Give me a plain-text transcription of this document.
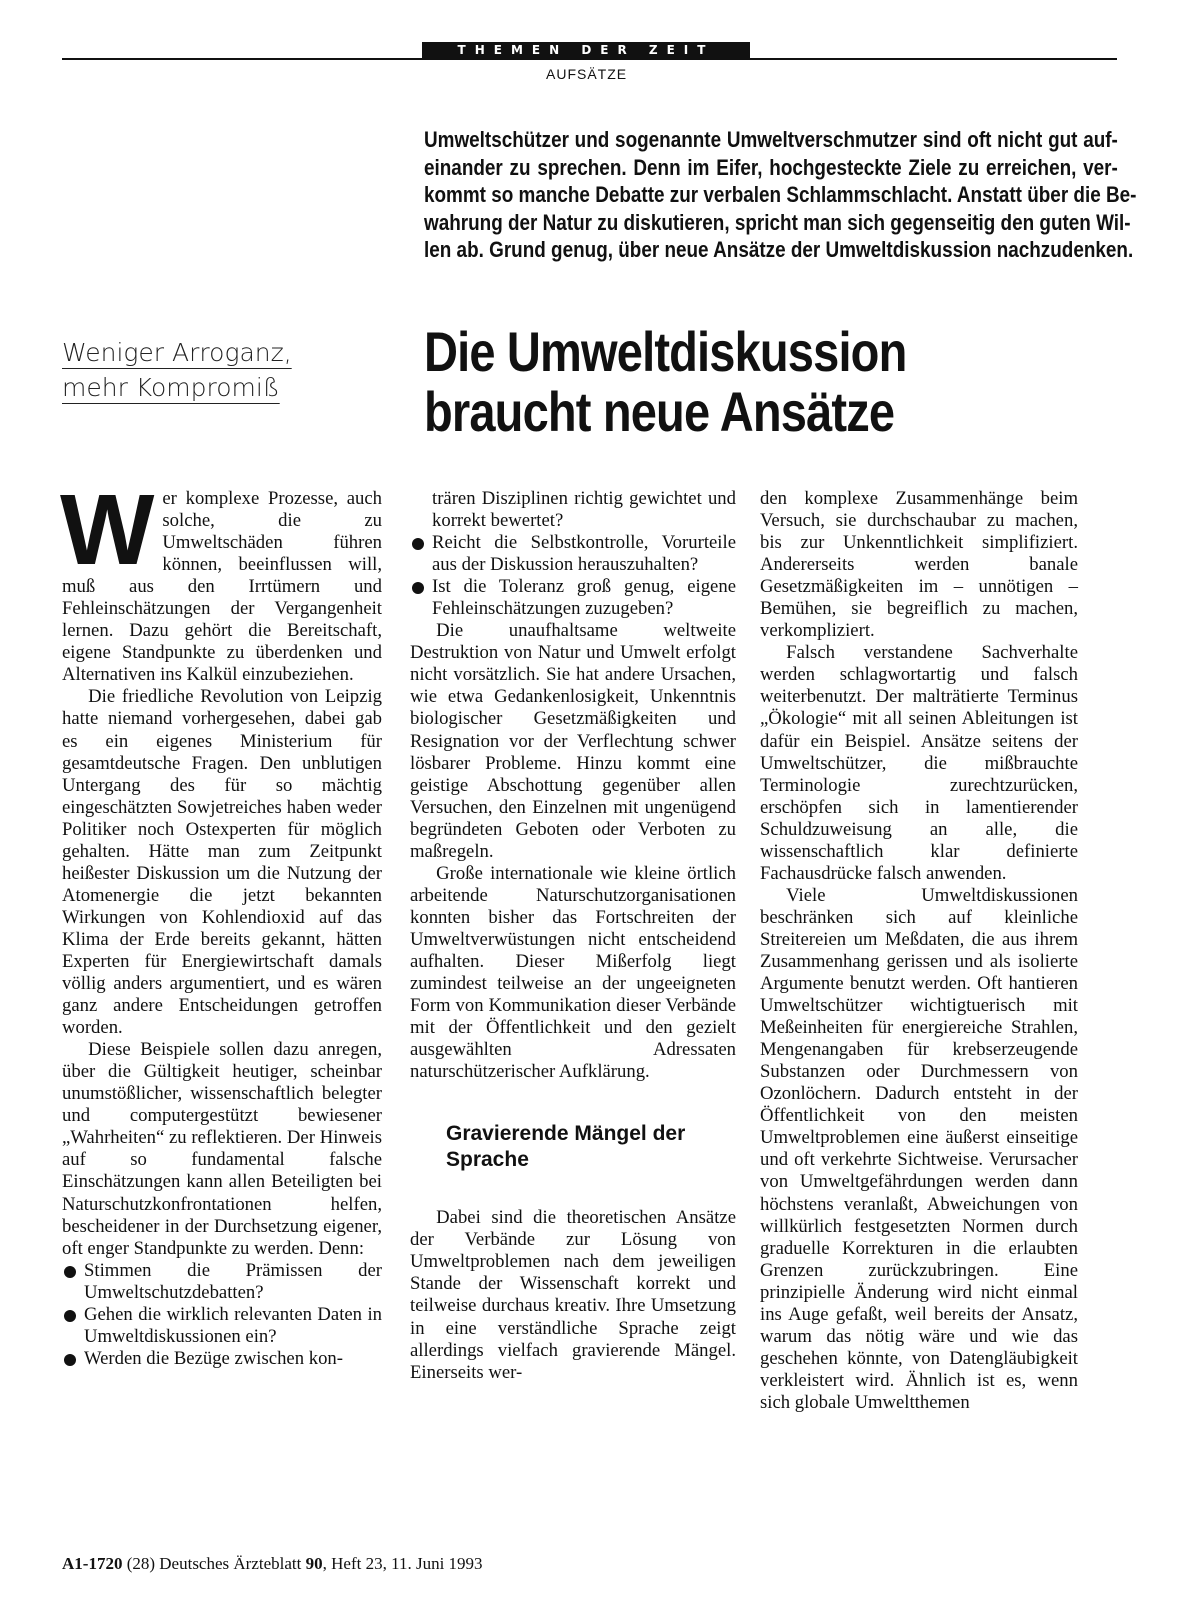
THEMEN DER ZEIT
AUFSÄTZE
Umweltschützer und sogenannte Umweltverschmutzer sind oft nicht gut auf-
einander zu sprechen. Denn im Eifer, hochgesteckte Ziele zu erreichen, ver-
kommt so manche Debatte zur verbalen Schlammschlacht. Anstatt über die Be-
wahrung der Natur zu diskutieren, spricht man sich gegenseitig den guten Wil-
len ab. Grund genug, über neue Ansätze der Umweltdiskussion nachzudenken.
Weniger Arroganz,
mehr Kompromiß
Die Umweltdiskussion
braucht neue Ansätze

Wer komplexe Prozesse, auch solche, die zu Umweltschäden führen können, beeinflussen will, muß aus den Irrtümern und Fehleinschätzungen der Vergangenheit lernen. Dazu gehört die Bereitschaft, eigene Standpunkte zu überdenken und Alternativen ins Kalkül einzubeziehen.

Die friedliche Revolution von Leipzig hatte niemand vorhergesehen, dabei gab es ein eigenes Ministerium für gesamtdeutsche Fragen. Den unblutigen Untergang des für so mächtig eingeschätzten Sowjetreiches haben weder Politiker noch Ostexperten für möglich gehalten. Hätte man zum Zeitpunkt heißester Diskussion um die Nutzung der Atomenergie die jetzt bekannten Wirkungen von Kohlendioxid auf das Klima der Erde bereits gekannt, hätten Experten für Energiewirtschaft damals völlig anders argumentiert, und es wären ganz andere Entscheidungen getroffen worden.

Diese Beispiele sollen dazu anregen, über die Gültigkeit heutiger, scheinbar unumstößlicher, wissenschaftlich belegter und computergestützt bewiesener „Wahrheiten“ zu reflektieren. Der Hinweis auf so fundamental falsche Einschätzungen kann allen Beteiligten bei Naturschutzkonfrontationen helfen, bescheidener in der Durchsetzung eigener, oft enger Standpunkte zu werden. Denn:

Stimmen die Prämissen der Umweltschutzdebatten?

Gehen die wirklich relevanten Daten in Umweltdiskussionen ein?

Werden die Bezüge zwischen kon-

trären Disziplinen richtig gewichtet und korrekt bewertet?

Reicht die Selbstkontrolle, Vorurteile aus der Diskussion herauszuhalten?

Ist die Toleranz groß genug, eigene Fehleinschätzungen zuzugeben?

Die unaufhaltsame weltweite Destruktion von Natur und Umwelt erfolgt nicht vorsätzlich. Sie hat andere Ursachen, wie etwa Gedankenlosigkeit, Unkenntnis biologischer Gesetzmäßigkeiten und Resignation vor der Verflechtung schwer lösbarer Probleme. Hinzu kommt eine geistige Abschottung gegenüber allen Versuchen, den Einzelnen mit ungenügend begründeten Geboten oder Verboten zu maßregeln.

Große internationale wie kleine örtlich arbeitende Naturschutzorganisationen konnten bisher das Fortschreiten der Umweltverwüstungen nicht entscheidend aufhalten. Dieser Mißerfolg liegt zumindest teilweise an der ungeeigneten Form von Kommunikation dieser Verbände mit der Öffentlichkeit und den gezielt ausgewählten Adressaten naturschützerischer Aufklärung.

Gravierende Mängel der Sprache

Dabei sind die theoretischen Ansätze der Verbände zur Lösung von Umweltproblemen nach dem jeweiligen Stande der Wissenschaft korrekt und teilweise durchaus kreativ. Ihre Umsetzung in eine verständliche Sprache zeigt allerdings vielfach gravierende Mängel. Einerseits wer-

den komplexe Zusammenhänge beim Versuch, sie durchschaubar zu machen, bis zur Unkenntlichkeit simplifiziert. Andererseits werden banale Gesetzmäßigkeiten im – unnötigen – Bemühen, sie begreiflich zu machen, verkompliziert.

Falsch verstandene Sachverhalte werden schlagwortartig und falsch weiterbenutzt. Der malträtierte Terminus „Ökologie“ mit all seinen Ableitungen ist dafür ein Beispiel. Ansätze seitens der Umweltschützer, die mißbrauchte Terminologie zurechtzurücken, erschöpfen sich in lamentierender Schuldzuweisung an alle, die wissenschaftlich klar definierte Fachausdrücke falsch anwenden.

Viele Umweltdiskussionen beschränken sich auf kleinliche Streitereien um Meßdaten, die aus ihrem Zusammenhang gerissen und als isolierte Argumente benutzt werden. Oft hantieren Umweltschützer wichtigtuerisch mit Meßeinheiten für energiereiche Strahlen, Mengenangaben für krebserzeugende Substanzen oder Durchmessern von Ozonlöchern. Dadurch entsteht in der Öffentlichkeit von den meisten Umweltproblemen eine äußerst einseitige und oft verkehrte Sichtweise. Verursacher von Umweltgefährdungen werden dann höchstens veranlaßt, Abweichungen von willkürlich festgesetzten Normen durch graduelle Korrekturen in die erlaubten Grenzen zurückzubringen. Eine prinzipielle Änderung wird nicht einmal ins Auge gefaßt, weil bereits der Ansatz, warum das nötig wäre und wie das geschehen könnte, von Datengläubigkeit verkleistert wird. Ähnlich ist es, wenn sich globale Umweltthemen

A1-1720 (28) Deutsches Ärzteblatt 90, Heft 23, 11. Juni 1993
